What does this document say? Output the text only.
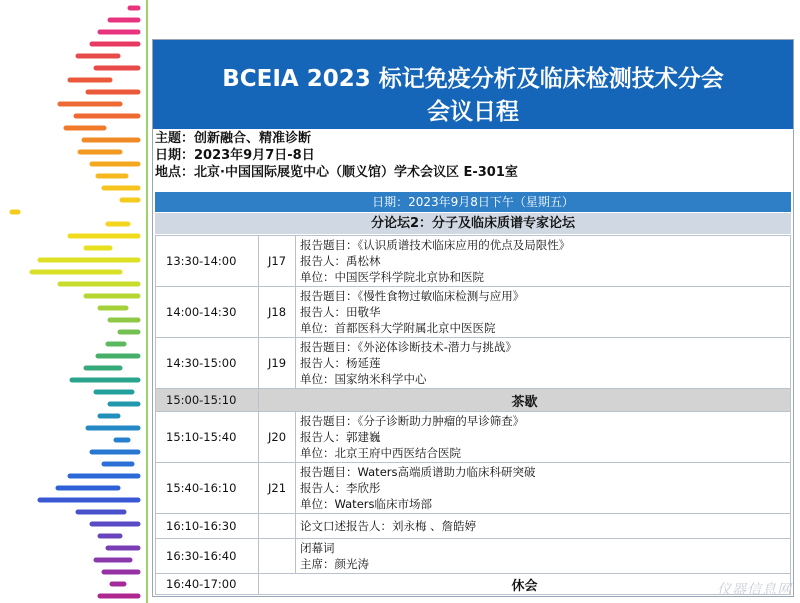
BCEIA 2023 标记免疫分析及临床检测技术分会
会议日程
主题：创新融合、精准诊断
日期：2023年9月7日-8日
地点：北京·中国国际展览中心（顺义馆）学术会议区 E-301室
日期：2023年9月8日下午（星期五）
分论坛2：分子及临床质谱专家论坛
13:30-14:00	J17	报告题目：《认识质谱技术临床应用的优点及局限性》
报告人：禹松林
单位：中国医学科学院北京协和医院

14:00-14:30	J18	报告题目：《慢性食物过敏临床检测与应用》
报告人：田敬华
单位：首都医科大学附属北京中医医院

14:30-15:00	J19	报告题目：《外泌体诊断技术-潜力与挑战》
报告人：杨延莲
单位：国家纳米科学中心

15:00-15:10	茶歇	
15:10-15:40	J20	报告题目：《分子诊断助力肿瘤的早诊筛查》
报告人：郭建巍
单位：北京王府中西医结合医院

15:40-16:10	J21	报告题目：Waters高端质谱助力临床科研突破
报告人：李欣彤
单位：Waters临床市场部

16:10-16:30		论文口述报告人：刘永梅 、詹皓婷
16:30-16:40		闭幕词
主席：颜光涛

16:40-17:00	休会		仪器信息网
